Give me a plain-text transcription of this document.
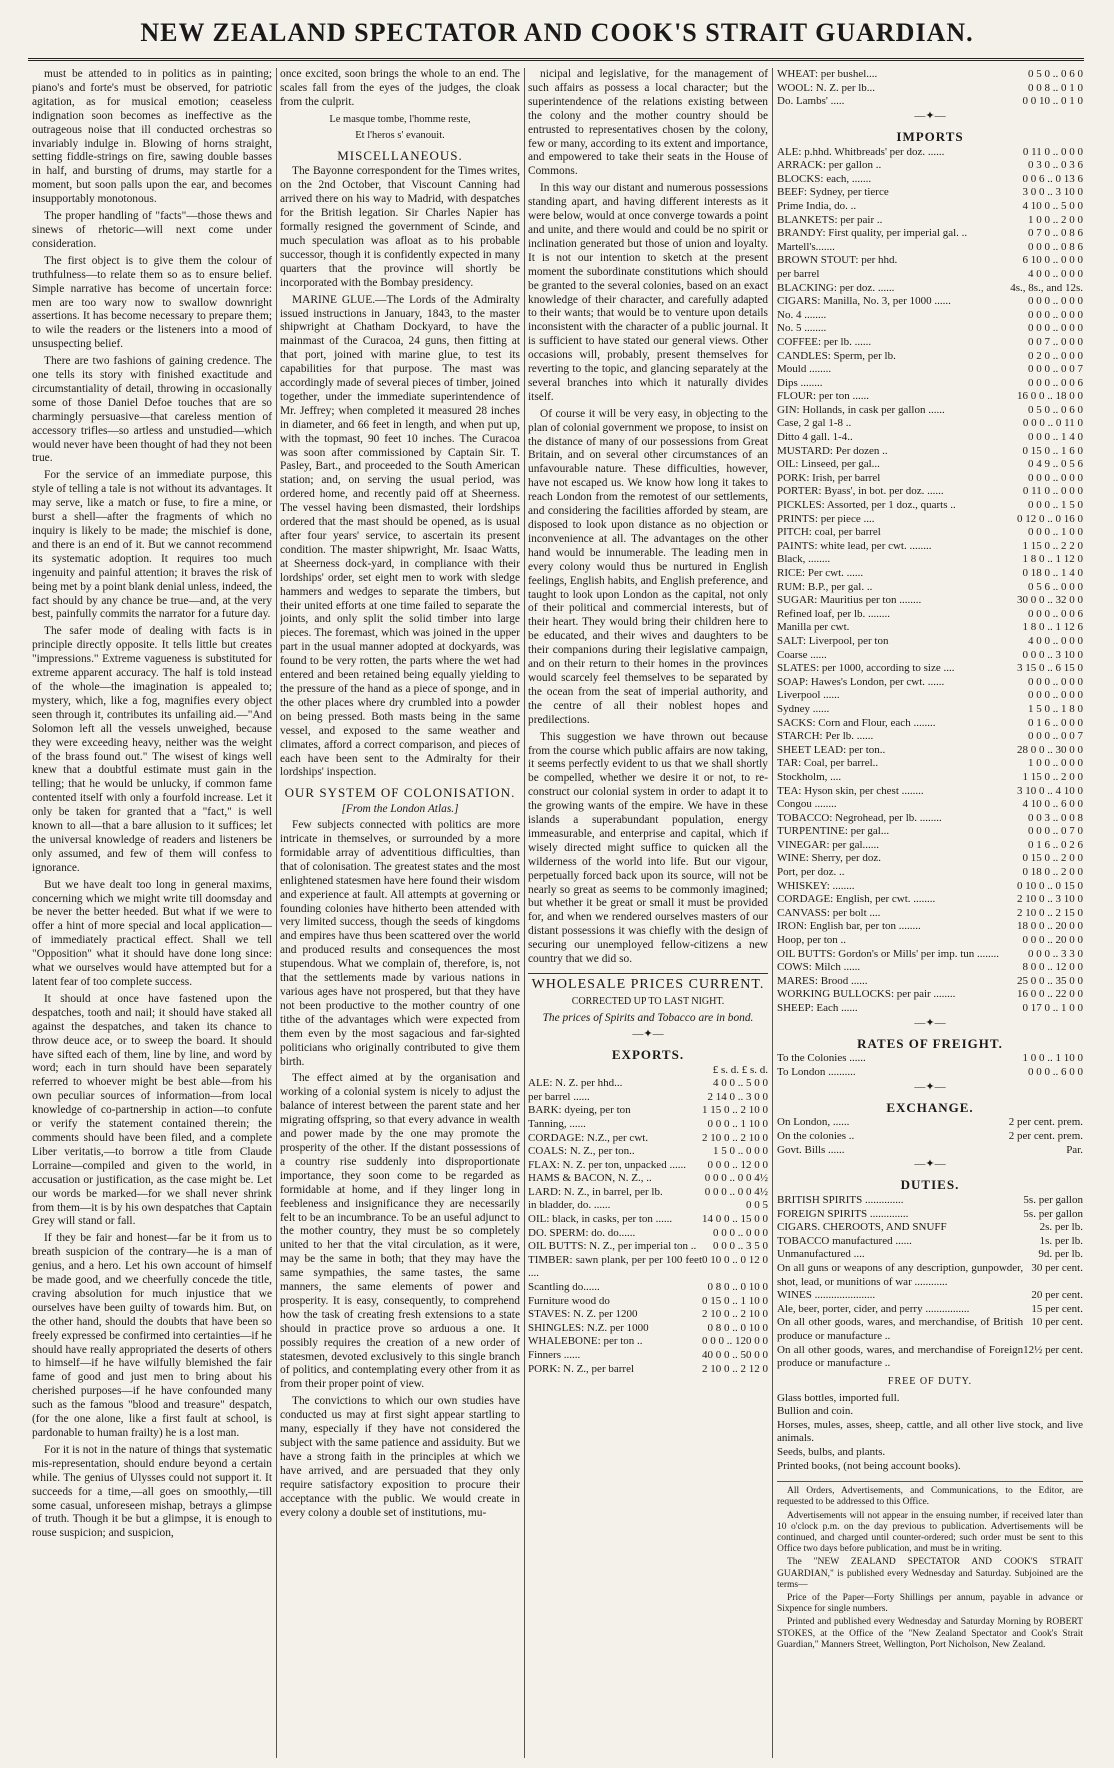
NEW ZEALAND SPECTATOR AND COOK'S STRAIT GUARDIAN.

must be attended to in politics as in painting; piano's and forte's must be observed, for patriotic agitation, as for musical emotion; ceaseless indignation soon becomes as ineffective as the outrageous noise that ill conducted orchestras so invariably indulge in. Blowing of horns straight, setting fiddle-strings on fire, sawing double basses in half, and bursting of drums, may startle for a moment, but soon palls upon the ear, and becomes insupportably monotonous.

The proper handling of "facts"—those thews and sinews of rhetoric—will next come under consideration.

The first object is to give them the colour of truthfulness—to relate them so as to ensure belief. Simple narrative has become of uncertain force: men are too wary now to swallow downright assertions. It has become necessary to prepare them; to wile the readers or the listeners into a mood of unsuspecting belief.

There are two fashions of gaining credence. The one tells its story with finished exactitude and circumstantiality of detail, throwing in occasionally some of those Daniel Defoe touches that are so charmingly persuasive—that careless mention of accessory trifles—so artless and unstudied—which would never have been thought of had they not been true.

For the service of an immediate purpose, this style of telling a tale is not without its advantages. It may serve, like a match or fuse, to fire a mine, or burst a shell—after the fragments of which no inquiry is likely to be made; the mischief is done, and there is an end of it. But we cannot recommend its systematic adoption. It requires too much ingenuity and painful attention; it braves the risk of being met by a point blank denial unless, indeed, the fact should by any chance be true—and, at the very best, painfully commits the narrator for a future day.

The safer mode of dealing with facts is in principle directly opposite. It tells little but creates "impressions." Extreme vagueness is substituted for extreme apparent accuracy. The half is told instead of the whole—the imagination is appealed to; mystery, which, like a fog, magnifies every object seen through it, contributes its unfailing aid.—"And Solomon left all the vessels unweighed, because they were exceeding heavy, neither was the weight of the brass found out." The wisest of kings well knew that a doubtful estimate must gain in the telling; that he would be unlucky, if common fame contented itself with only a fourfold increase. Let it only be taken for granted that a "fact," is well known to all—that a bare allusion to it suffices; let the universal knowledge of readers and listeners be only assumed, and few of them will confess to ignorance.

But we have dealt too long in general maxims, concerning which we might write till doomsday and be never the better heeded. But what if we were to offer a hint of more special and local application—of immediately practical effect. Shall we tell "Opposition" what it should have done long since: what we ourselves would have attempted but for a latent fear of too complete success.

It should at once have fastened upon the despatches, tooth and nail; it should have staked all against the despatches, and taken its chance to throw deuce ace, or to sweep the board. It should have sifted each of them, line by line, and word by word; each in turn should have been separately referred to whoever might be best able—from his own peculiar sources of information—from local knowledge of co-partnership in action—to confute or verify the statement contained therein; the comments should have been filed, and a complete Liber veritatis,—to borrow a title from Claude Lorraine—compiled and given to the world, in accusation or justification, as the case might be. Let our words be marked—for we shall never shrink from them—it is by his own despatches that Captain Grey will stand or fall.

If they be fair and honest—far be it from us to breath suspicion of the contrary—he is a man of genius, and a hero. Let his own account of himself be made good, and we cheerfully concede the title, craving absolution for much injustice that we ourselves have been guilty of towards him. But, on the other hand, should the doubts that have been so freely expressed be confirmed into certainties—if he should have really appropriated the deserts of others to himself—if he have wilfully blemished the fair fame of good and just men to bring about his cherished purposes—if he have confounded many such as the famous "blood and treasure" despatch, (for the one alone, like a first fault at school, is pardonable to human frailty) he is a lost man.

For it is not in the nature of things that systematic mis-representation, should endure beyond a certain while. The genius of Ulysses could not support it. It succeeds for a time,—all goes on smoothly,—till some casual, unforeseen mishap, betrays a glimpse of truth. Though it be but a glimpse, it is enough to rouse suspicion; and suspicion,

once excited, soon brings the whole to an end. The scales fall from the eyes of the judges, the cloak from the culprit.

Le masque tombe, l'homme reste,
Et l'heros s' evanouit.
MISCELLANEOUS.

The Bayonne correspondent for the Times writes, on the 2nd October, that Viscount Canning had arrived there on his way to Madrid, with despatches for the British legation. Sir Charles Napier has formally resigned the government of Scinde, and much speculation was afloat as to his probable successor, though it is confidently expected in many quarters that the province will shortly be incorporated with the Bombay presidency.

MARINE GLUE.—The Lords of the Admiralty issued instructions in January, 1843, to the master shipwright at Chatham Dockyard, to have the mainmast of the Curacoa, 24 guns, then fitting at that port, joined with marine glue, to test its capabilities for that purpose. The mast was accordingly made of several pieces of timber, joined together, under the immediate superintendence of Mr. Jeffrey; when completed it measured 28 inches in diameter, and 66 feet in length, and when put up, with the topmast, 90 feet 10 inches. The Curacoa was soon after commissioned by Captain Sir. T. Pasley, Bart., and proceeded to the South American station; and, on serving the usual period, was ordered home, and recently paid off at Sheerness. The vessel having been dismasted, their lordships ordered that the mast should be opened, as is usual after four years' service, to ascertain its present condition. The master shipwright, Mr. Isaac Watts, at Sheerness dock-yard, in compliance with their lordships' order, set eight men to work with sledge hammers and wedges to separate the timbers, but their united efforts at one time failed to separate the joints, and only split the solid timber into large pieces. The foremast, which was joined in the upper part in the usual manner adopted at dockyards, was found to be very rotten, the parts where the wet had entered and been retained being equally yielding to the pressure of the hand as a piece of sponge, and in the other places where dry crumbled into a powder on being pressed. Both masts being in the same vessel, and exposed to the same weather and climates, afford a correct comparison, and pieces of each have been sent to the Admiralty for their lordships' inspection.

OUR SYSTEM OF COLONISATION.
[From the London Atlas.]

Few subjects connected with politics are more intricate in themselves, or surrounded by a more formidable array of adventitious difficulties, than that of colonisation. The greatest states and the most enlightened statesmen have here found their wisdom and experience at fault. All attempts at governing or founding colonies have hitherto been attended with very limited success, though the seeds of kingdoms and empires have thus been scattered over the world and produced results and consequences the most stupendous. What we complain of, therefore, is, not that the settlements made by various nations in various ages have not prospered, but that they have not been productive to the mother country of one tithe of the advantages which were expected from them even by the most sagacious and far-sighted politicians who originally contributed to give them birth.

The effect aimed at by the organisation and working of a colonial system is nicely to adjust the balance of interest between the parent state and her migrating offspring, so that every advance in wealth and power made by the one may promote the prosperity of the other. If the distant possessions of a country rise suddenly into disproportionate importance, they soon come to be regarded as formidable at home, and if they linger long in feebleness and insignificance they are necessarily felt to be an incumbrance. To be an useful adjunct to the mother country, they must be so completely united to her that the vital circulation, as it were, may be the same in both; that they may have the same sympathies, the same tastes, the same manners, the same elements of power and prosperity. It is easy, consequently, to comprehend how the task of creating fresh extensions to a state should in practice prove so arduous a one. It possibly requires the creation of a new order of statesmen, devoted exclusively to this single branch of politics, and contemplating every other from it as from their proper point of view.

The convictions to which our own studies have conducted us may at first sight appear startling to many, especially if they have not considered the subject with the same patience and assiduity. But we have a strong faith in the principles at which we have arrived, and are persuaded that they only require satisfactory exposition to procure their acceptance with the public. We would create in every colony a double set of institutions, mu-

nicipal and legislative, for the management of such affairs as possess a local character; but the superintendence of the relations existing between the colony and the mother country should be entrusted to representatives chosen by the colony, few or many, according to its extent and importance, and empowered to take their seats in the House of Commons.

In this way our distant and numerous possessions standing apart, and having different interests as it were below, would at once converge towards a point and unite, and there would and could be no spirit or inclination generated but those of union and loyalty. It is not our intention to sketch at the present moment the subordinate constitutions which should be granted to the several colonies, based on an exact knowledge of their character, and carefully adapted to their wants; that would be to venture upon details inconsistent with the character of a public journal. It is sufficient to have stated our general views. Other occasions will, probably, present themselves for reverting to the topic, and glancing separately at the several branches into which it naturally divides itself.

Of course it will be very easy, in objecting to the plan of colonial government we propose, to insist on the distance of many of our possessions from Great Britain, and on several other circumstances of an unfavourable nature. These difficulties, however, have not escaped us. We know how long it takes to reach London from the remotest of our settlements, and considering the facilities afforded by steam, are disposed to look upon distance as no objection or inconvenience at all. The advantages on the other hand would be innumerable. The leading men in every colony would thus be nurtured in English feelings, English habits, and English preference, and taught to look upon London as the capital, not only of their political and commercial interests, but of their heart. They would bring their children here to be educated, and their wives and daughters to be their companions during their legislative campaign, and on their return to their homes in the provinces would scarcely feel themselves to be separated by the ocean from the seat of imperial authority, and the centre of all their noblest hopes and predilections.

This suggestion we have thrown out because from the course which public affairs are now taking, it seems perfectly evident to us that we shall shortly be compelled, whether we desire it or not, to re-construct our colonial system in order to adapt it to the growing wants of the empire. We have in these islands a superabundant population, energy immeasurable, and enterprise and capital, which if wisely directed might suffice to quicken all the wilderness of the world into life. But our vigour, perpetually forced back upon its source, will not be nearly so great as seems to be commonly imagined; but whether it be great or small it must be provided for, and when we rendered ourselves masters of our distant possessions it was chiefly with the design of securing our unemployed fellow-citizens a new country that we did so.

WHOLESALE PRICES CURRENT.
CORRECTED UP TO LAST NIGHT.
The prices of Spirits and Tobacco are in bond.
—✦—
EXPORTS.
	£ s. d. £ s. d.
ALE: N. Z. per hhd...	4 0 0 .. 5 0 0
per barrel ......	2 14 0 .. 3 0 0
BARK: dyeing, per ton	1 15 0 .. 2 10 0
Tanning, ......	0 0 0 .. 1 10 0
CORDAGE: N.Z., per cwt.	2 10 0 .. 2 10 0
COALS: N. Z., per ton..	1 5 0 .. 0 0 0
FLAX: N. Z. per ton, unpacked ......	0 0 0 .. 12 0 0
HAMS & BACON, N. Z., ..	0 0 0 .. 0 0 4½
LARD: N. Z., in barrel, per lb.	0 0 0 .. 0 0 4½
in bladder, do. ......	0 0 5
OIL: black, in casks, per ton ......	14 0 0 .. 15 0 0
DO. SPERM: do. do......	0 0 0 .. 0 0 0
OIL BUTTS: N. Z., per imperial ton ..	0 0 0 .. 3 5 0
TIMBER: sawn plank, per per 100 feet ....	0 10 0 .. 0 12 0
Scantling do......	0 8 0 .. 0 10 0
Furniture wood do	0 15 0 .. 1 10 0
STAVES: N. Z. per 1200	2 10 0 .. 2 10 0
SHINGLES: N.Z. per 1000	0 8 0 .. 0 10 0
WHALEBONE: per ton ..	0 0 0 .. 120 0 0
Finners ......	40 0 0 .. 50 0 0
PORK: N. Z., per barrel	2 10 0 .. 2 12 0
WHEAT: per bushel....	0 5 0 .. 0 6 0
WOOL: N. Z. per lb...	0 0 8 .. 0 1 0
Do. Lambs' .....	0 0 10 .. 0 1 0
—✦—
IMPORTS
ALE: p.hhd. Whitbreads' per doz. ......	0 11 0 .. 0 0 0
ARRACK: per gallon ..	0 3 0 .. 0 3 6
BLOCKS: each, .......	0 0 6 .. 0 13 6
BEEF: Sydney, per tierce	3 0 0 .. 3 10 0
Prime India, do. ..	4 10 0 .. 5 0 0
BLANKETS: per pair ..	1 0 0 .. 2 0 0
BRANDY: First quality, per imperial gal. ..	0 7 0 .. 0 8 6
Martell's.......	0 0 0 .. 0 8 6
BROWN STOUT: per hhd.	6 10 0 .. 0 0 0
per barrel	4 0 0 .. 0 0 0
BLACKING: per doz. ......	4s., 8s., and 12s.
CIGARS: Manilla, No. 3, per 1000 ......	0 0 0 .. 0 0 0
No. 4 ........	0 0 0 .. 0 0 0
No. 5 ........	0 0 0 .. 0 0 0
COFFEE: per lb. ......	0 0 7 .. 0 0 0
CANDLES: Sperm, per lb.	0 2 0 .. 0 0 0
Mould ........	0 0 0 .. 0 0 7
Dips ........	0 0 0 .. 0 0 6
FLOUR: per ton ......	16 0 0 .. 18 0 0
GIN: Hollands, in cask per gallon ......	0 5 0 .. 0 6 0
Case, 2 gal 1-8 ..	0 0 0 .. 0 11 0
Ditto 4 gall. 1-4..	0 0 0 .. 1 4 0
MUSTARD: Per dozen ..	0 15 0 .. 1 6 0
OIL: Linseed, per gal...	0 4 9 .. 0 5 6
PORK: Irish, per barrel	0 0 0 .. 0 0 0
PORTER: Byass', in bot. per doz. ......	0 11 0 .. 0 0 0
PICKLES: Assorted, per 1 doz., quarts ..	0 0 0 .. 1 5 0
PRINTS: per piece ....	0 12 0 .. 0 16 0
PITCH: coal, per barrel	0 0 0 .. 1 0 0
PAINTS: white lead, per cwt. ........	1 15 0 .. 2 2 0
Black, ........	1 8 0 .. 1 12 0
RICE: Per cwt. ......	0 18 0 .. 1 4 0
RUM: B.P., per gal. ..	0 5 6 .. 0 0 0
SUGAR: Mauritius per ton ........	30 0 0 .. 32 0 0
Refined loaf, per lb. ........	0 0 0 .. 0 0 6
Manilla per cwt.	1 8 0 .. 1 12 6
SALT: Liverpool, per ton	4 0 0 .. 0 0 0
Coarse ......	0 0 0 .. 3 10 0
SLATES: per 1000, according to size ....	3 15 0 .. 6 15 0
SOAP: Hawes's London, per cwt. ......	0 0 0 .. 0 0 0
Liverpool ......	0 0 0 .. 0 0 0
Sydney ......	1 5 0 .. 1 8 0
SACKS: Corn and Flour, each ........	0 1 6 .. 0 0 0
STARCH: Per lb. ......	0 0 0 .. 0 0 7
SHEET LEAD: per ton..	28 0 0 .. 30 0 0
TAR: Coal, per barrel..	1 0 0 .. 0 0 0
Stockholm, ....	1 15 0 .. 2 0 0
TEA: Hyson skin, per chest ........	3 10 0 .. 4 10 0
Congou ........	4 10 0 .. 6 0 0
TOBACCO: Negrohead, per lb. ........	0 0 3 .. 0 0 8
TURPENTINE: per gal...	0 0 0 .. 0 7 0
VINEGAR: per gal......	0 1 6 .. 0 2 6
WINE: Sherry, per doz.	0 15 0 .. 2 0 0
Port, per doz. ..	0 18 0 .. 2 0 0
WHISKEY: ........	0 10 0 .. 0 15 0
CORDAGE: English, per cwt. ........	2 10 0 .. 3 10 0
CANVASS: per bolt ....	2 10 0 .. 2 15 0
IRON: English bar, per ton ........	18 0 0 .. 20 0 0
Hoop, per ton ..	0 0 0 .. 20 0 0
OIL BUTTS: Gordon's or Mills' per imp. tun ........	0 0 0 .. 3 3 0
COWS: Milch ......	8 0 0 .. 12 0 0
MARES: Brood ......	25 0 0 .. 35 0 0
WORKING BULLOCKS: per pair ........	16 0 0 .. 22 0 0
SHEEP: Each ......	0 17 0 .. 1 0 0
—✦—
RATES OF FREIGHT.
To the Colonies ......	1 0 0 .. 1 10 0
To London ..........	0 0 0 .. 6 0 0
—✦—
EXCHANGE.
On London, ......	2 per cent. prem.
On the colonies ..	2 per cent. prem.
Govt. Bills ......	Par.
—✦—
DUTIES.
BRITISH SPIRITS ..............	5s. per gallon
FOREIGN SPIRITS ..............	5s. per gallon
CIGARS. CHEROOTS, AND SNUFF	2s. per lb.
TOBACCO manufactured ......	1s. per lb.
Unmanufactured ....	9d. per lb.
On all guns or weapons of any description, gunpowder, shot, lead, or munitions of war ............	30 per cent.
WINES ......................	20 per cent.
Ale, beer, porter, cider, and perry ................	15 per cent.
On all other goods, wares, and merchandise, of British produce or manufacture ..	10 per cent.
On all other goods, wares, and merchandise of Foreign produce or manufacture ..	12½ per cent.
FREE OF DUTY.
Glass bottles, imported full.
Bullion and coin.
Horses, mules, asses, sheep, cattle, and all other live stock, and live animals.
Seeds, bulbs, and plants.
Printed books, (not being account books).

All Orders, Advertisements, and Communications, to the Editor, are requested to be addressed to this Office.

Advertisements will not appear in the ensuing number, if received later than 10 o'clock p.m. on the day previous to publication. Advertisements will be continued, and charged until counter-ordered; such order must be sent to this Office two days before publication, and must be in writing.

The "NEW ZEALAND SPECTATOR AND COOK'S STRAIT GUARDIAN," is published every Wednesday and Saturday. Subjoined are the terms—

Price of the Paper—Forty Shillings per annum, payable in advance or Sixpence for single numbers.

Printed and published every Wednesday and Saturday Morning by ROBERT STOKES, at the Office of the "New Zealand Spectator and Cook's Strait Guardian," Manners Street, Wellington, Port Nicholson, New Zealand.
